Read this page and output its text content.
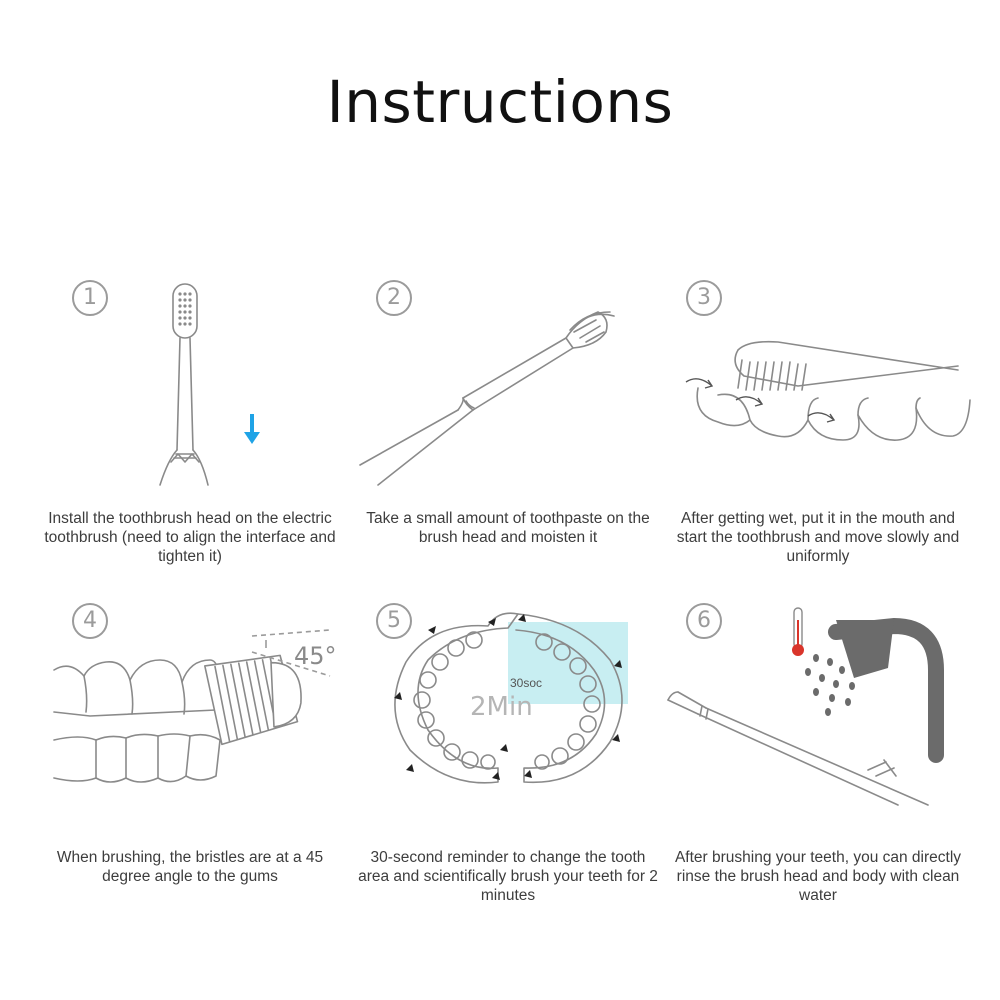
Instructions
1
Install the toothbrush head on the electric toothbrush (need to align the interface and tighten it)
2
Take a small amount of toothpaste on the brush head and moisten it
3
After getting wet, put it in the mouth and start the toothbrush and move slowly and uniformly
4
45°
When brushing, the bristles are at a 45 degree angle to the gums
5
2Min
30soc
30-second reminder to change the tooth area and scientifically brush your teeth for 2 minutes
6
After brushing your teeth, you can directly rinse the brush head and body with clean water
